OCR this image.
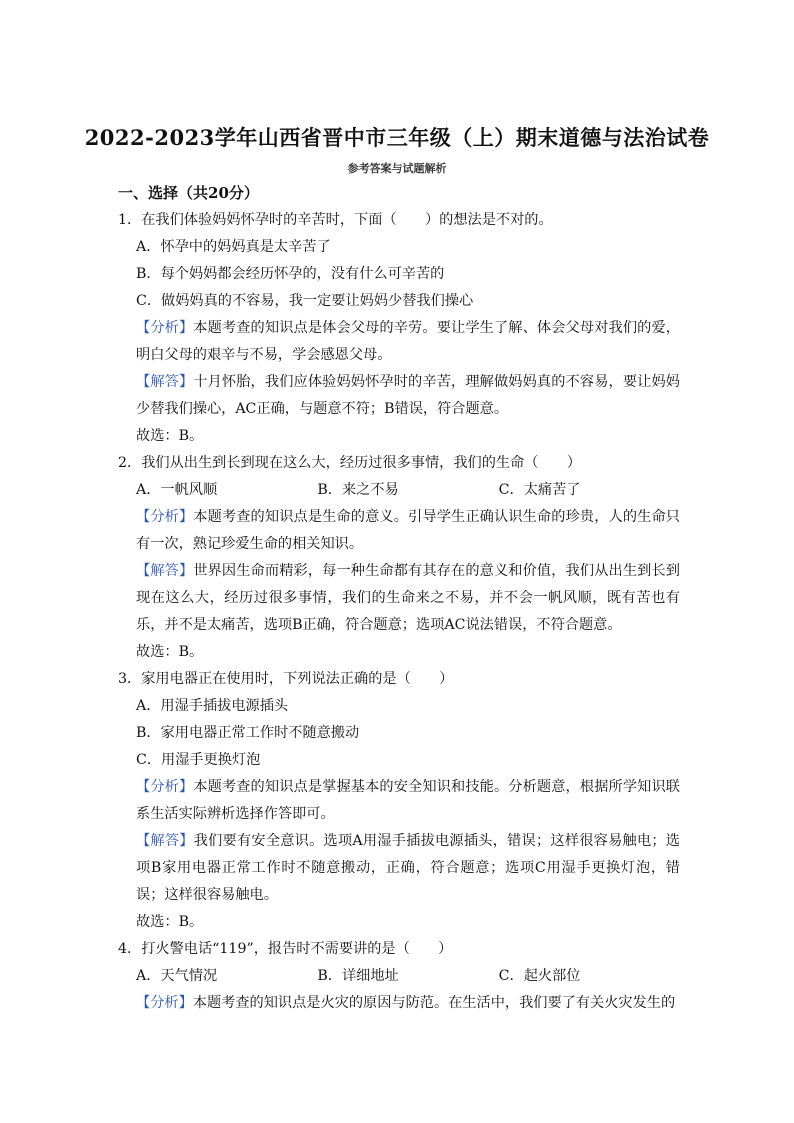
2022-2023学年山西省晋中市三年级（上）期末道德与法治试卷
参考答案与试题解析
一、选择（共20分）
1．在我们体验妈妈怀孕时的辛苦时，下面（　　）的想法是不对的。
A．怀孕中的妈妈真是太辛苦了
B．每个妈妈都会经历怀孕的，没有什么可辛苦的
C．做妈妈真的不容易，我一定要让妈妈少替我们操心
【分析】本题考查的知识点是体会父母的辛劳。要让学生了解、体会父母对我们的爱，明白父母的艰辛与不易，学会感恩父母。
【解答】十月怀胎，我们应体验妈妈怀孕时的辛苦，理解做妈妈真的不容易，要让妈妈少替我们操心，AC正确，与题意不符；B错误，符合题意。
故选：B。
2．我们从出生到长到现在这么大，经历过很多事情，我们的生命（　　）
A．一帆风顺	B．来之不易	C．太痛苦了
【分析】本题考查的知识点是生命的意义。引导学生正确认识生命的珍贵，人的生命只有一次，熟记珍爱生命的相关知识。
【解答】世界因生命而精彩，每一种生命都有其存在的意义和价值，我们从出生到长到现在这么大，经历过很多事情，我们的生命来之不易，并不会一帆风顺，既有苦也有乐，并不是太痛苦，选项B正确，符合题意；选项AC说法错误，不符合题意。
故选：B。
3．家用电器正在使用时，下列说法正确的是（　　）
A．用湿手插拔电源插头
B．家用电器正常工作时不随意搬动
C．用湿手更换灯泡
【分析】本题考查的知识点是掌握基本的安全知识和技能。分析题意，根据所学知识联系生活实际辨析选择作答即可。
【解答】我们要有安全意识。选项A用湿手插拔电源插头，错误；这样很容易触电；选项B家用电器正常工作时不随意搬动，正确，符合题意；选项C用湿手更换灯泡，错误；这样很容易触电。
故选：B。
4．打火警电话“119”，报告时不需要讲的是（　　）
A．天气情况	B．详细地址	C．起火部位
【分析】本题考查的知识点是火灾的原因与防范。在生活中，我们要了有关火灾发生的
